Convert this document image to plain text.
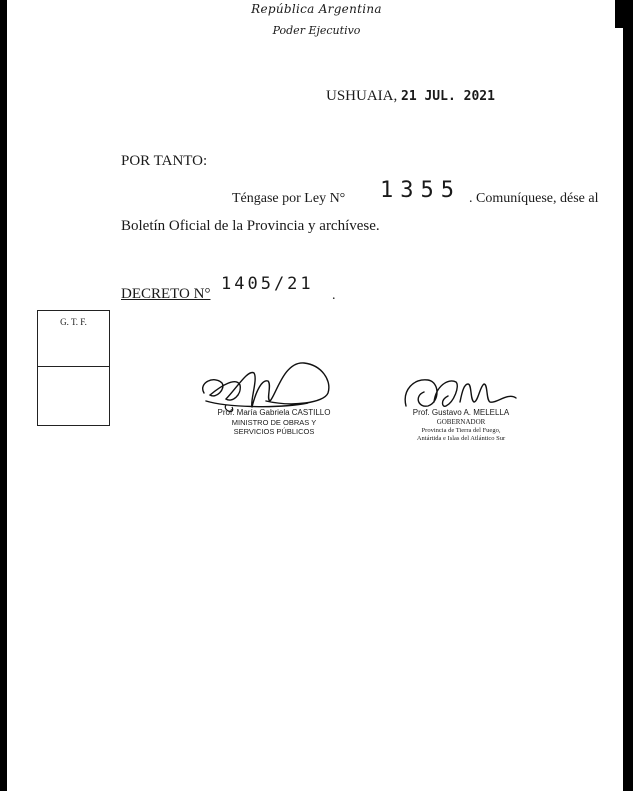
República Argentina
Poder Ejecutivo
USHUAIA, 21 JUL. 2021
POR TANTO:
Téngase por Ley N° 1355 . Comuníquese, dése al
Boletín Oficial de la Provincia y archívese.
DECRETO N° 1405/21
.
G. T. F.
Prof. María Gabriela CASTILLO
MINISTRO DE OBRAS Y
SERVICIOS PÚBLICOS
Prof. Gustavo A. MELELLA
GOBERNADOR
Provincia de Tierra del Fuego,
Antártida e Islas del Atlántico Sur
